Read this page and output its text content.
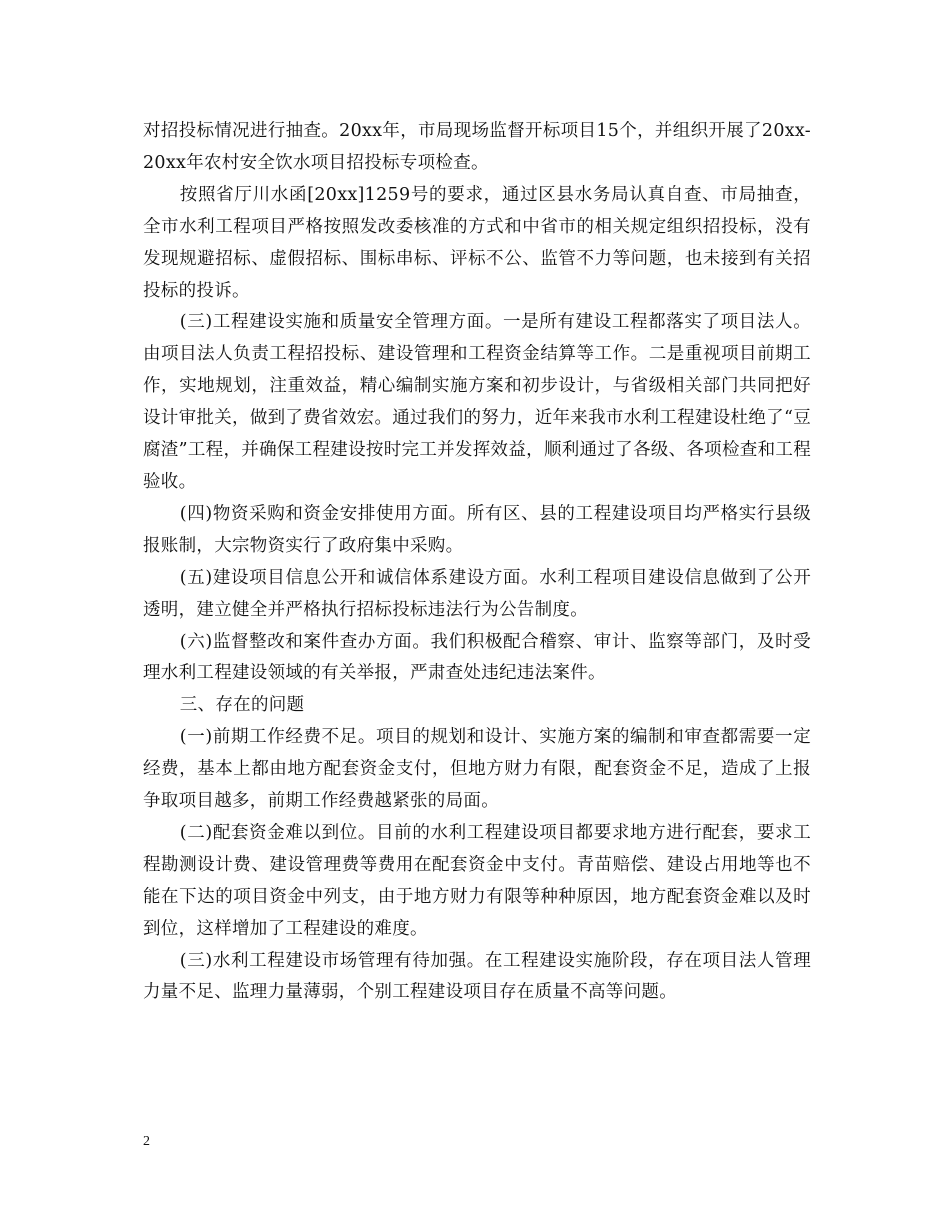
对招投标情况进行抽查。20xx年，市局现场监督开标项目15个，并组织开展了20xx-20xx年农村安全饮水项目招投标专项检查。

按照省厅川水函[20xx]1259号的要求，通过区县水务局认真自查、市局抽查，全市水利工程项目严格按照发改委核准的方式和中省市的相关规定组织招投标，没有发现规避招标、虚假招标、围标串标、评标不公、监管不力等问题，也未接到有关招投标的投诉。

(三)工程建设实施和质量安全管理方面。一是所有建设工程都落实了项目法人。由项目法人负责工程招投标、建设管理和工程资金结算等工作。二是重视项目前期工作，实地规划，注重效益，精心编制实施方案和初步设计，与省级相关部门共同把好设计审批关，做到了费省效宏。通过我们的努力，近年来我市水利工程建设杜绝了“豆腐渣”工程，并确保工程建设按时完工并发挥效益，顺利通过了各级、各项检查和工程验收。

(四)物资采购和资金安排使用方面。所有区、县的工程建设项目均严格实行县级报账制，大宗物资实行了政府集中采购。

(五)建设项目信息公开和诚信体系建设方面。水利工程项目建设信息做到了公开透明，建立健全并严格执行招标投标违法行为公告制度。

(六)监督整改和案件查办方面。我们积极配合稽察、审计、监察等部门，及时受理水利工程建设领域的有关举报，严肃查处违纪违法案件。

三、存在的问题

(一)前期工作经费不足。项目的规划和设计、实施方案的编制和审查都需要一定经费，基本上都由地方配套资金支付，但地方财力有限，配套资金不足，造成了上报争取项目越多，前期工作经费越紧张的局面。

(二)配套资金难以到位。目前的水利工程建设项目都要求地方进行配套，要求工程勘测设计费、建设管理费等费用在配套资金中支付。青苗赔偿、建设占用地等也不能在下达的项目资金中列支，由于地方财力有限等种种原因，地方配套资金难以及时到位，这样增加了工程建设的难度。

(三)水利工程建设市场管理有待加强。在工程建设实施阶段，存在项目法人管理力量不足、监理力量薄弱，个别工程建设项目存在质量不高等问题。

2
